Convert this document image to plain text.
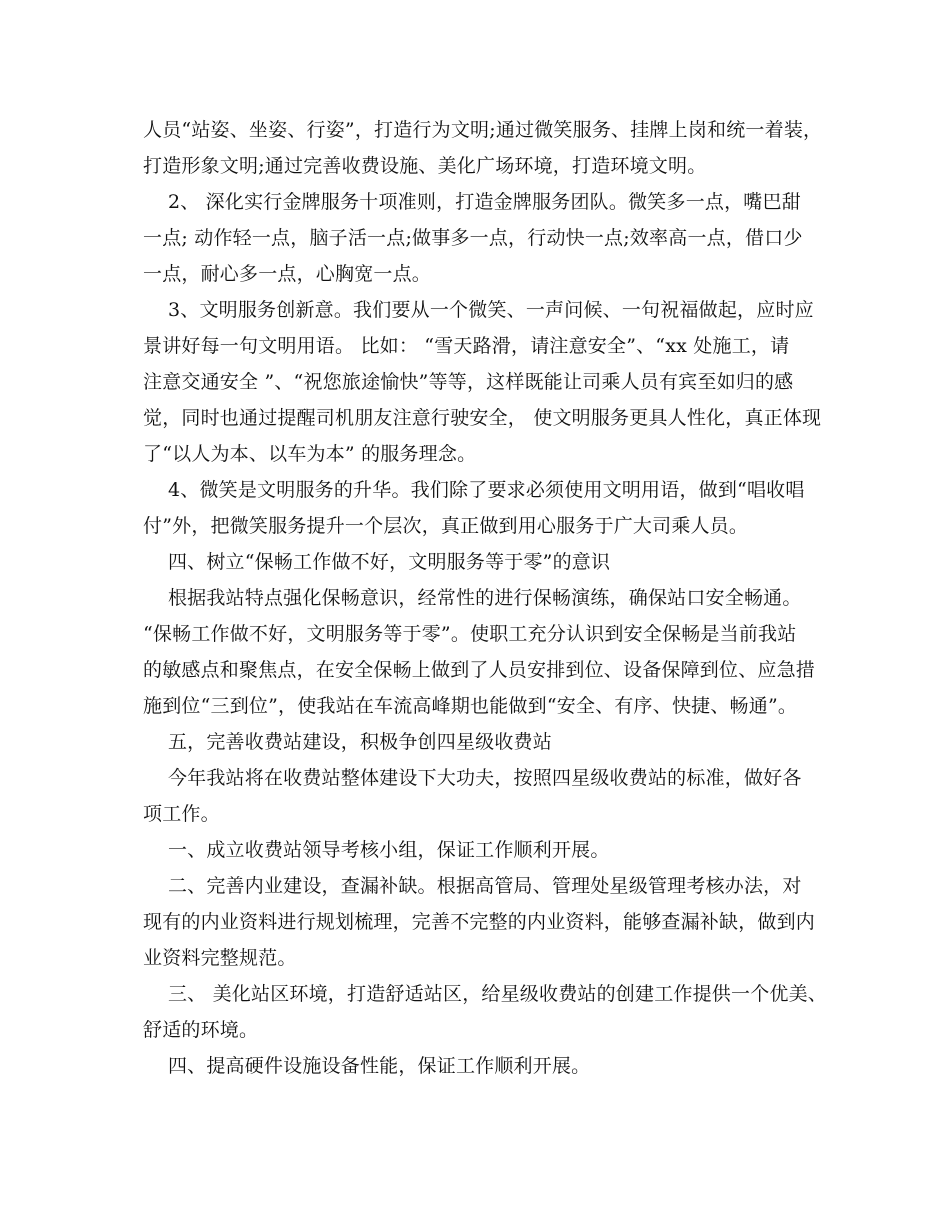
人员“站姿、坐姿、行姿”，打造行为文明;通过微笑服务、挂牌上岗和统一着装，
打造形象文明;通过完善收费设施、美化广场环境，打造环境文明。
2、 深化实行金牌服务十项准则，打造金牌服务团队。微笑多一点，嘴巴甜
一点; 动作轻一点，脑子活一点;做事多一点，行动快一点;效率高一点，借口少
一点，耐心多一点，心胸宽一点。
3、文明服务创新意。我们要从一个微笑、一声问候、一句祝福做起，应时应
景讲好每一句文明用语。 比如： “雪天路滑，请注意安全”、“xx 处施工，请
注意交通安全 ”、“祝您旅途愉快”等等，这样既能让司乘人员有宾至如归的感
觉，同时也通过提醒司机朋友注意行驶安全， 使文明服务更具人性化，真正体现
了“以人为本、以车为本” 的服务理念。
4、微笑是文明服务的升华。我们除了要求必须使用文明用语，做到“唱收唱
付”外，把微笑服务提升一个层次，真正做到用心服务于广大司乘人员。
四、树立“保畅工作做不好，文明服务等于零”的意识
根据我站特点强化保畅意识，经常性的进行保畅演练，确保站口安全畅通。
“保畅工作做不好，文明服务等于零”。使职工充分认识到安全保畅是当前我站
的敏感点和聚焦点，在安全保畅上做到了人员安排到位、设备保障到位、应急措
施到位“三到位”，使我站在车流高峰期也能做到“安全、有序、快捷、畅通”。
五，完善收费站建设，积极争创四星级收费站
今年我站将在收费站整体建设下大功夫，按照四星级收费站的标准，做好各
项工作。
一、成立收费站领导考核小组，保证工作顺利开展。
二、完善内业建设，查漏补缺。根据高管局、管理处星级管理考核办法，对
现有的内业资料进行规划梳理，完善不完整的内业资料，能够查漏补缺，做到内
业资料完整规范。
三、 美化站区环境，打造舒适站区，给星级收费站的创建工作提供一个优美、
舒适的环境。
四、提高硬件设施设备性能，保证工作顺利开展。
